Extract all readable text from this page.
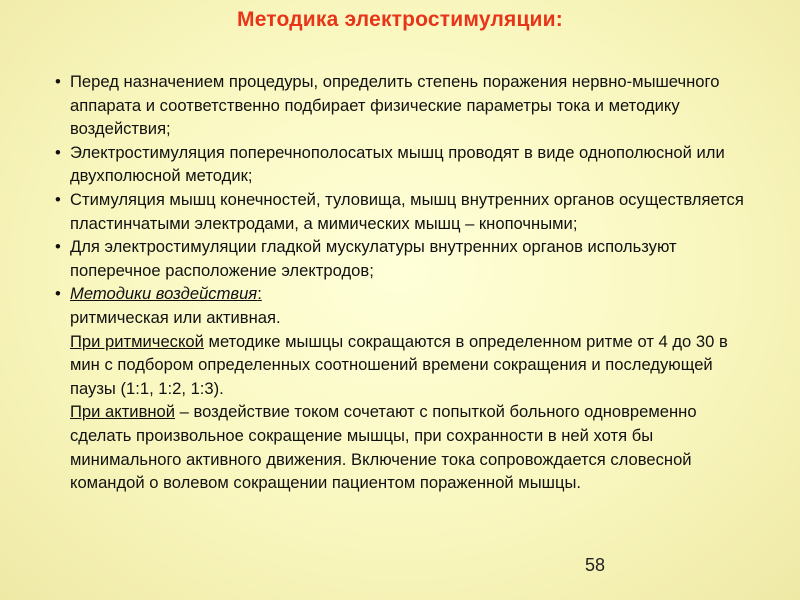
Методика электростимуляции:
• Перед назначением процедуры, определить степень поражения нервно-мышечного аппарата и соответственно подбирает физические параметры тока и методику воздействия;
• Электростимуляция поперечнополосатых мышц проводят в виде однополюсной или двухполюсной методик;
• Стимуляция мышц конечностей, туловища, мышц внутренних органов осуществляется пластинчатыми электродами, а мимических мышц – кнопочными;
• Для электростимуляции гладкой мускулатуры внутренних органов используют поперечное расположение электродов;
• Методики воздействия:
ритмическая или активная.
При ритмической методике мышцы сокращаются в определенном ритме от 4 до 30 в мин с подбором определенных соотношений времени сокращения и последующей паузы (1:1, 1:2, 1:3).
При активной – воздействие током сочетают с попыткой больного одновременно сделать произвольное сокращение мышцы, при сохранности в ней хотя бы минимального активного движения. Включение тока сопровождается словесной командой о волевом сокращении пациентом пораженной мышцы.
58
